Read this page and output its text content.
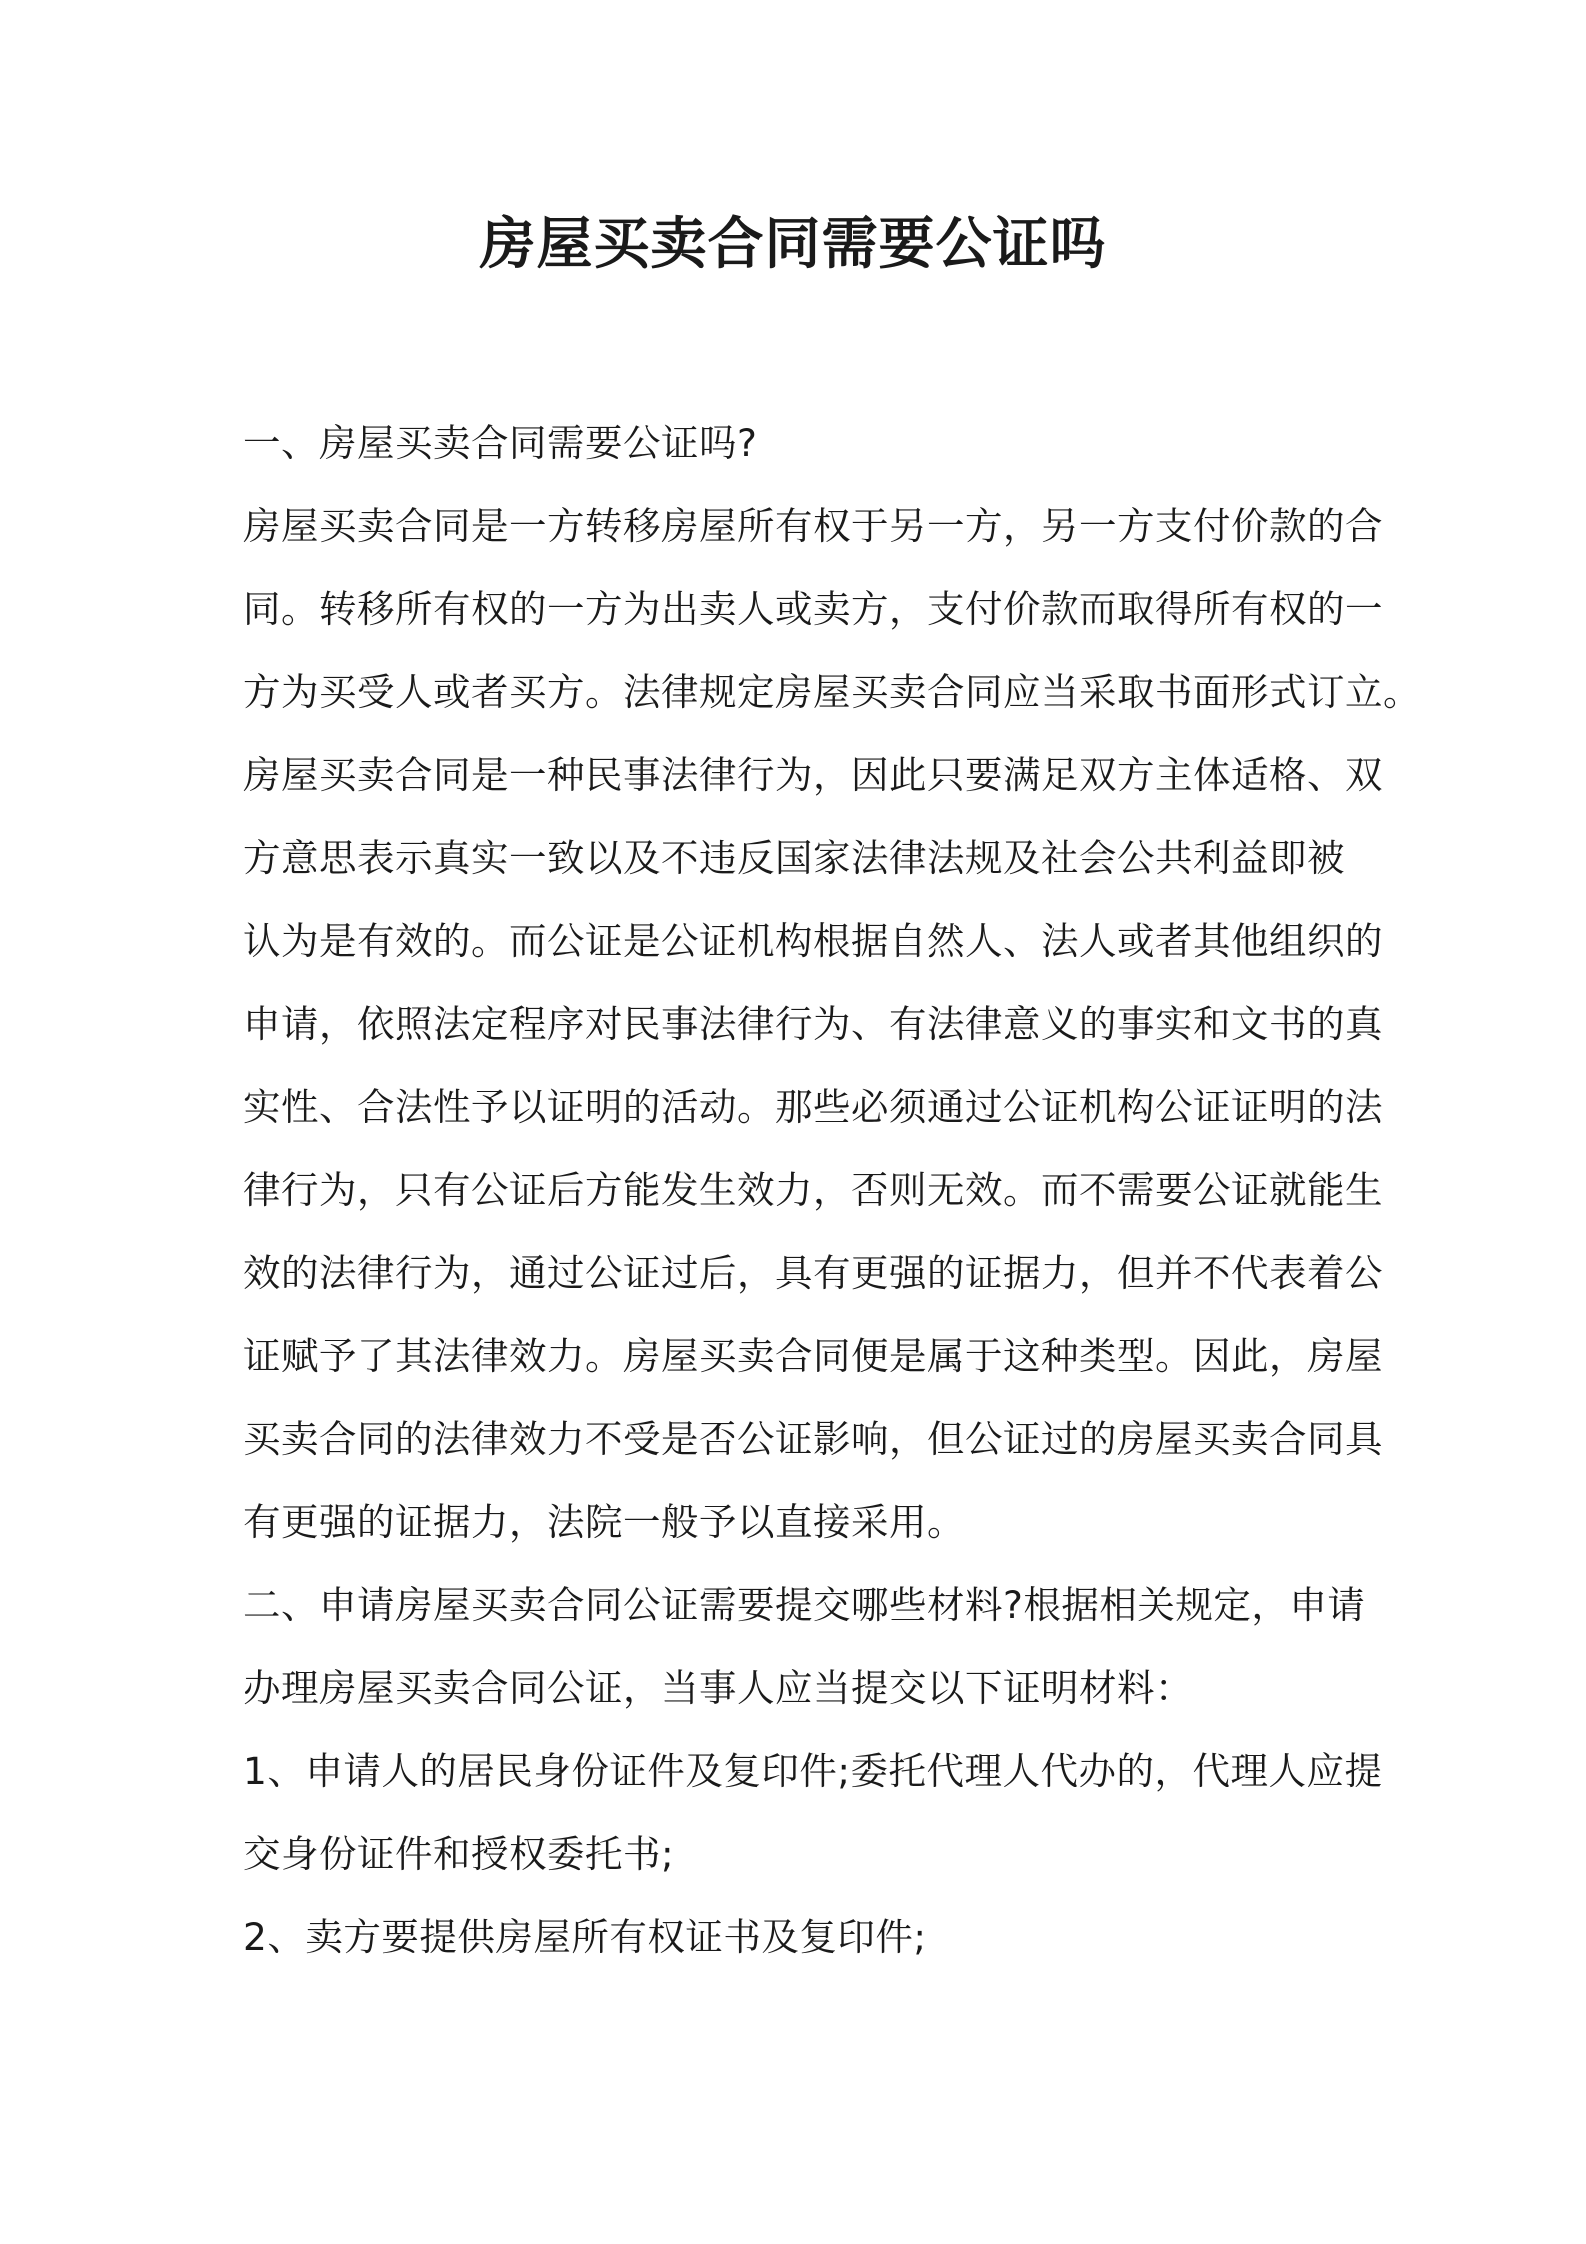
房屋买卖合同需要公证吗
一、房屋买卖合同需要公证吗?
房屋买卖合同是一方转移房屋所有权于另一方，另一方支付价款的合
同。转移所有权的一方为出卖人或卖方，支付价款而取得所有权的一
方为买受人或者买方。法律规定房屋买卖合同应当采取书面形式订立。
房屋买卖合同是一种民事法律行为，因此只要满足双方主体适格、双
方意思表示真实一致以及不违反国家法律法规及社会公共利益即被
认为是有效的。而公证是公证机构根据自然人、法人或者其他组织的
申请，依照法定程序对民事法律行为、有法律意义的事实和文书的真
实性、合法性予以证明的活动。那些必须通过公证机构公证证明的法
律行为，只有公证后方能发生效力，否则无效。而不需要公证就能生
效的法律行为，通过公证过后，具有更强的证据力，但并不代表着公
证赋予了其法律效力。房屋买卖合同便是属于这种类型。因此，房屋
买卖合同的法律效力不受是否公证影响，但公证过的房屋买卖合同具
有更强的证据力，法院一般予以直接采用。
二、申请房屋买卖合同公证需要提交哪些材料?根据相关规定，申请
办理房屋买卖合同公证，当事人应当提交以下证明材料：
1、申请人的居民身份证件及复印件;委托代理人代办的，代理人应提
交身份证件和授权委托书;
2、卖方要提供房屋所有权证书及复印件;
